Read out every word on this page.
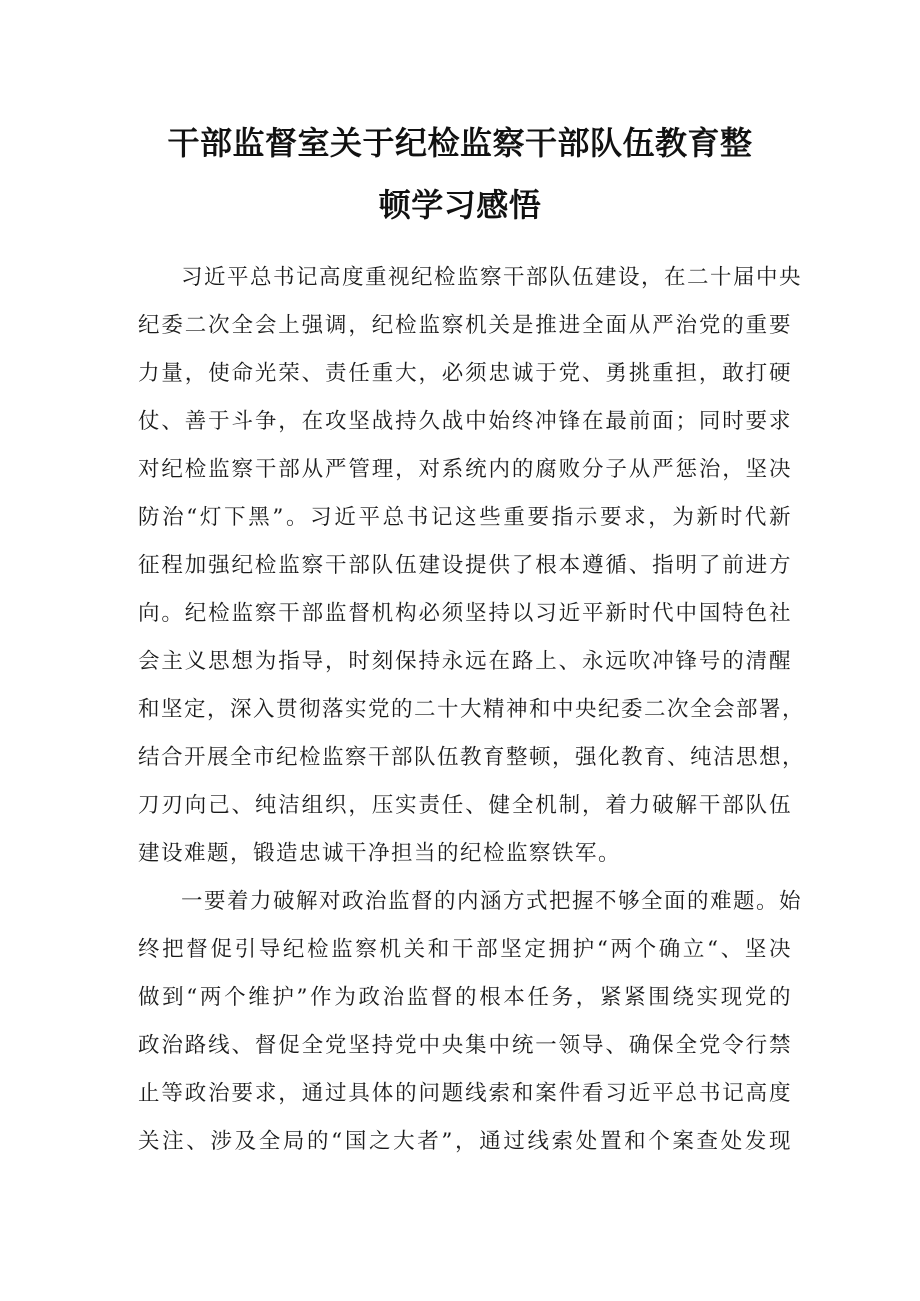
干部监督室关于纪检监察干部队伍教育整
顿学习感悟
习近平总书记高度重视纪检监察干部队伍建设，在二十届中央
纪委二次全会上强调，纪检监察机关是推进全面从严治党的重要
力量，使命光荣、责任重大，必须忠诚于党、勇挑重担，敢打硬
仗、善于斗争，在攻坚战持久战中始终冲锋在最前面；同时要求
对纪检监察干部从严管理，对系统内的腐败分子从严惩治，坚决
防治“灯下黑”。习近平总书记这些重要指示要求，为新时代新
征程加强纪检监察干部队伍建设提供了根本遵循、指明了前进方
向。纪检监察干部监督机构必须坚持以习近平新时代中国特色社
会主义思想为指导，时刻保持永远在路上、永远吹冲锋号的清醒
和坚定，深入贯彻落实党的二十大精神和中央纪委二次全会部署，
结合开展全市纪检监察干部队伍教育整顿，强化教育、纯洁思想，
刀刃向己、纯洁组织，压实责任、健全机制，着力破解干部队伍
建设难题，锻造忠诚干净担当的纪检监察铁军。
一要着力破解对政治监督的内涵方式把握不够全面的难题。始
终把督促引导纪检监察机关和干部坚定拥护“两个确立“、坚决
做到“两个维护”作为政治监督的根本任务，紧紧围绕实现党的
政治路线、督促全党坚持党中央集中统一领导、确保全党令行禁
止等政治要求，通过具体的问题线索和案件看习近平总书记高度
关注、涉及全局的“国之大者”，通过线索处置和个案查处发现
